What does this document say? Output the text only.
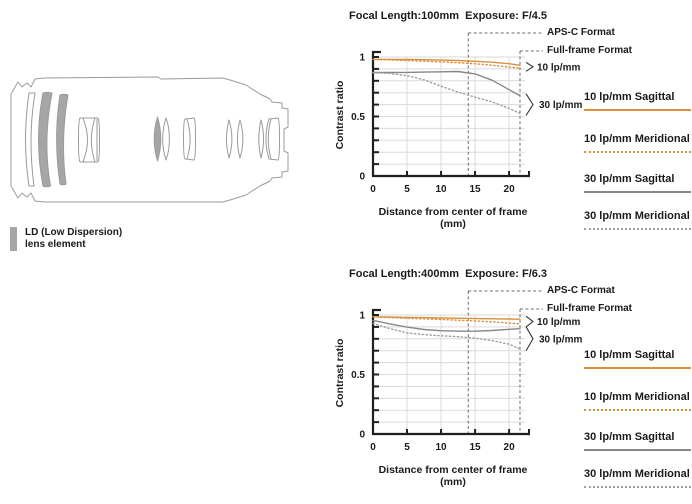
LD (Low Dispersion)
lens element
1
0.5
0
0	5	10 15 20
10 lp/mm
30 lp/mm
Focal Length:100mm  Exposure: F/4.5
Contrast ratio
Distance from center of frame (mm)
APS-C Format
Full-frame Format
10 lp/mm Sagittal
10 lp/mm Meridional
30 lp/mm Sagittal
30 lp/mm Meridional
1
0.5
0
0	5	10 15 20
10 lp/mm
30 lp/mm
Focal Length:400mm  Exposure: F/6.3
Contrast ratio
Distance from center of frame (mm)
APS-C Format
Full-frame Format
10 lp/mm Sagittal
10 lp/mm Meridional
30 lp/mm Sagittal
30 lp/mm Meridional
